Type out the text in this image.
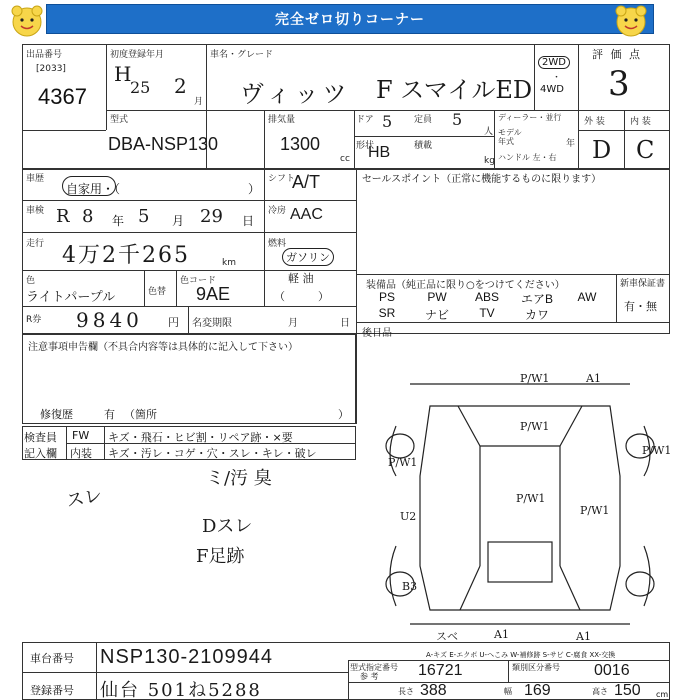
完全ゼロ切りコーナー
出品番号
[2033]
4367
初度登録年月
H
25 2
月
車名・グレード
ヴィッツ F スマイルED
2WD
・
4WD
評 価 点
3
型式
DBA-NSP130
排気量
1300
cc
ドア 5 定員 5
人
形状
HB	積載
kg
ディーラー・並行
モデル 年式	年
ハンドル 左・右
外 装	内 装
D C
車歴
自家用・（	）
車検 R 8 年 5 月 29 日
走行 4万2千265	km
色
ライトパープル	色替
色コード
9AE
R券 9840 円 名変期限	月	日
シフト
A/T
冷房 AAC
燃料
ガソリン
軽 油
（　　　）
セールスポイント（正常に機能するものに限ります）
装備品（純正品に限り○をつけてください）	新車保証書
有・無
PS	PW	ABS	エアB	AW
SR	ナビ	TV	カワ
後日品
注意事項申告欄（不具合内容等は具体的に記入して下さい）
修復歴	有 （箇所	）
検査員
記入欄
FW キズ・飛石・ヒビ割・リペア跡・×要
内装 キズ・汚レ・コゲ・穴・スレ・キレ・破レ
ミ/汚 臭
スレ
Dスレ
F足跡
P/W1	A1
P/W1
P/W1
P/W1
P/W1
P/W1
U2
B3
A1	A1
スベ
A-キズ E-エクボ U-へこみ W-補修跡 S-サビ C-腐食 XX-交換
車台番号 NSP130-2109944
登録番号 仙台 501ね5288
型式指定番号
参 考 16721	類別区分番号 0016
長さ 388	幅 169	高さ 150 cm
